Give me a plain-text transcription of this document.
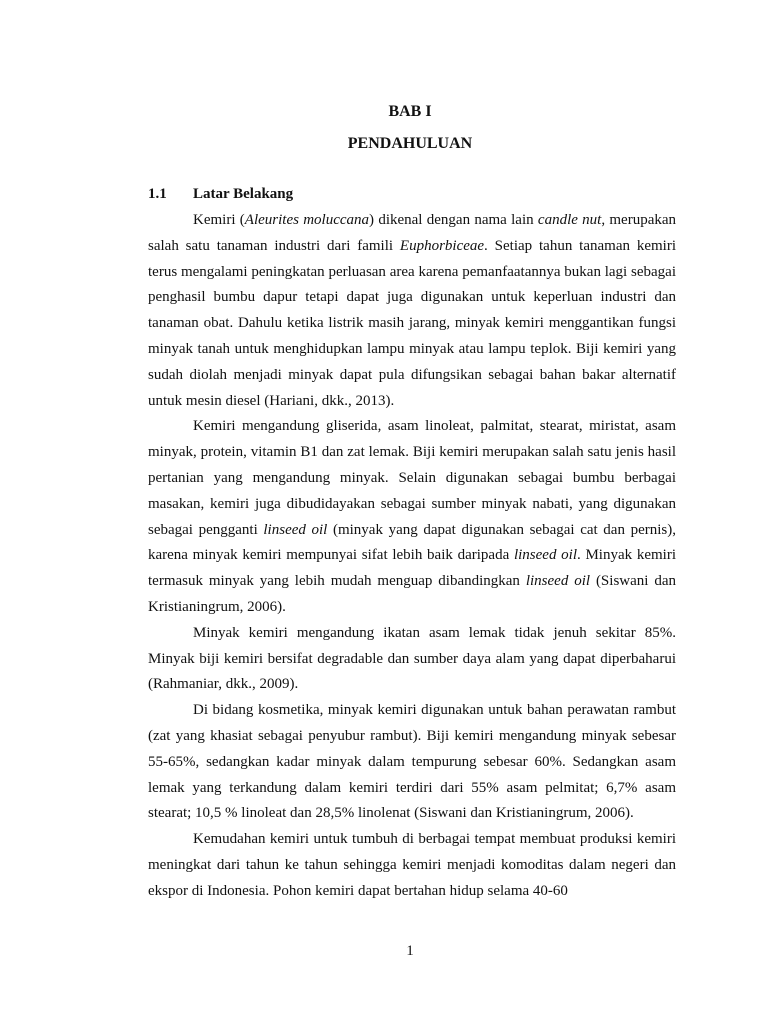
BAB I
PENDAHULUAN
1.1 Latar Belakang

Kemiri (Aleurites moluccana) dikenal dengan nama lain candle nut, merupakan salah satu tanaman industri dari famili Euphorbiceae. Setiap tahun tanaman kemiri terus mengalami peningkatan perluasan area karena pemanfaatannya bukan lagi sebagai penghasil bumbu dapur tetapi dapat juga digunakan untuk keperluan industri dan tanaman obat. Dahulu ketika listrik masih jarang, minyak kemiri menggantikan fungsi minyak tanah untuk menghidupkan lampu minyak atau lampu teplok. Biji kemiri yang sudah diolah menjadi minyak dapat pula difungsikan sebagai bahan bakar alternatif untuk mesin diesel (Hariani, dkk., 2013).

Kemiri mengandung gliserida, asam linoleat, palmitat, stearat, miristat, asam minyak, protein, vitamin B1 dan zat lemak. Biji kemiri merupakan salah satu jenis hasil pertanian yang mengandung minyak. Selain digunakan sebagai bumbu berbagai masakan, kemiri juga dibudidayakan sebagai sumber minyak nabati, yang digunakan sebagai pengganti linseed oil (minyak yang dapat digunakan sebagai cat dan pernis), karena minyak kemiri mempunyai sifat lebih baik daripada linseed oil. Minyak kemiri termasuk minyak yang lebih mudah menguap dibandingkan linseed oil (Siswani dan Kristianingrum, 2006).

Minyak kemiri mengandung ikatan asam lemak tidak jenuh sekitar 85%. Minyak biji kemiri bersifat degradable dan sumber daya alam yang dapat diperbaharui (Rahmaniar, dkk., 2009).

Di bidang kosmetika, minyak kemiri digunakan untuk bahan perawatan rambut (zat yang khasiat sebagai penyubur rambut). Biji kemiri mengandung minyak sebesar 55-65%, sedangkan kadar minyak dalam tempurung sebesar 60%. Sedangkan asam lemak yang terkandung dalam kemiri terdiri dari 55% asam pelmitat; 6,7% asam stearat; 10,5 % linoleat dan 28,5% linolenat (Siswani dan Kristianingrum, 2006).

Kemudahan kemiri untuk tumbuh di berbagai tempat membuat produksi kemiri meningkat dari tahun ke tahun sehingga kemiri menjadi komoditas dalam negeri dan ekspor di Indonesia. Pohon kemiri dapat bertahan hidup selama 40-60

1
